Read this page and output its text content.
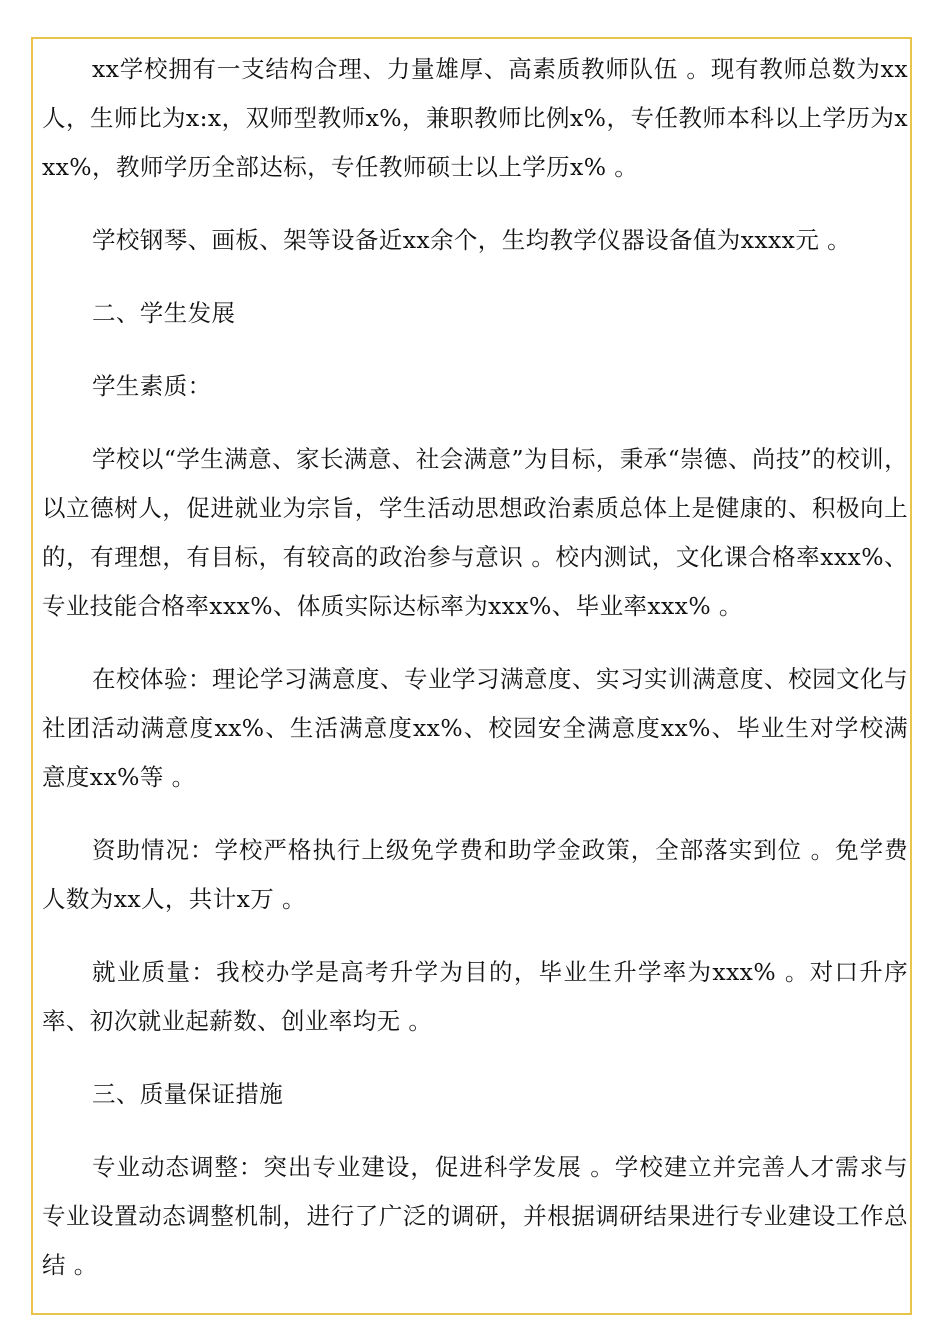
xx学校拥有一支结构合理、力量雄厚、高素质教师队伍 。现有教师总数为xx人，生师比为x:x，双师型教师x%，兼职教师比例x%，专任教师本科以上学历为xxx%，教师学历全部达标，专任教师硕士以上学历x% 。

学校钢琴、画板、架等设备近xx余个，生均教学仪器设备值为xxxx元 。

二、学生发展

学生素质：

学校以“学生满意、家长满意、社会满意”为目标，秉承“崇德、尚技”的校训，以立德树人，促进就业为宗旨，学生活动思想政治素质总体上是健康的、积极向上的，有理想，有目标，有较高的政治参与意识 。校内测试，文化课合格率xxx%、专业技能合格率xxx%、体质实际达标率为xxx%、毕业率xxx% 。

在校体验：理论学习满意度、专业学习满意度、实习实训满意度、校园文化与社团活动满意度xx%、生活满意度xx%、校园安全满意度xx%、毕业生对学校满意度xx%等 。

资助情况：学校严格执行上级免学费和助学金政策，全部落实到位 。免学费人数为xx人，共计x万 。

就业质量：我校办学是高考升学为目的，毕业生升学率为xxx% 。对口升序率、初次就业起薪数、创业率均无 。

三、质量保证措施

专业动态调整：突出专业建设，促进科学发展 。学校建立并完善人才需求与专业设置动态调整机制，进行了广泛的调研，并根据调研结果进行专业建设工作总结 。
